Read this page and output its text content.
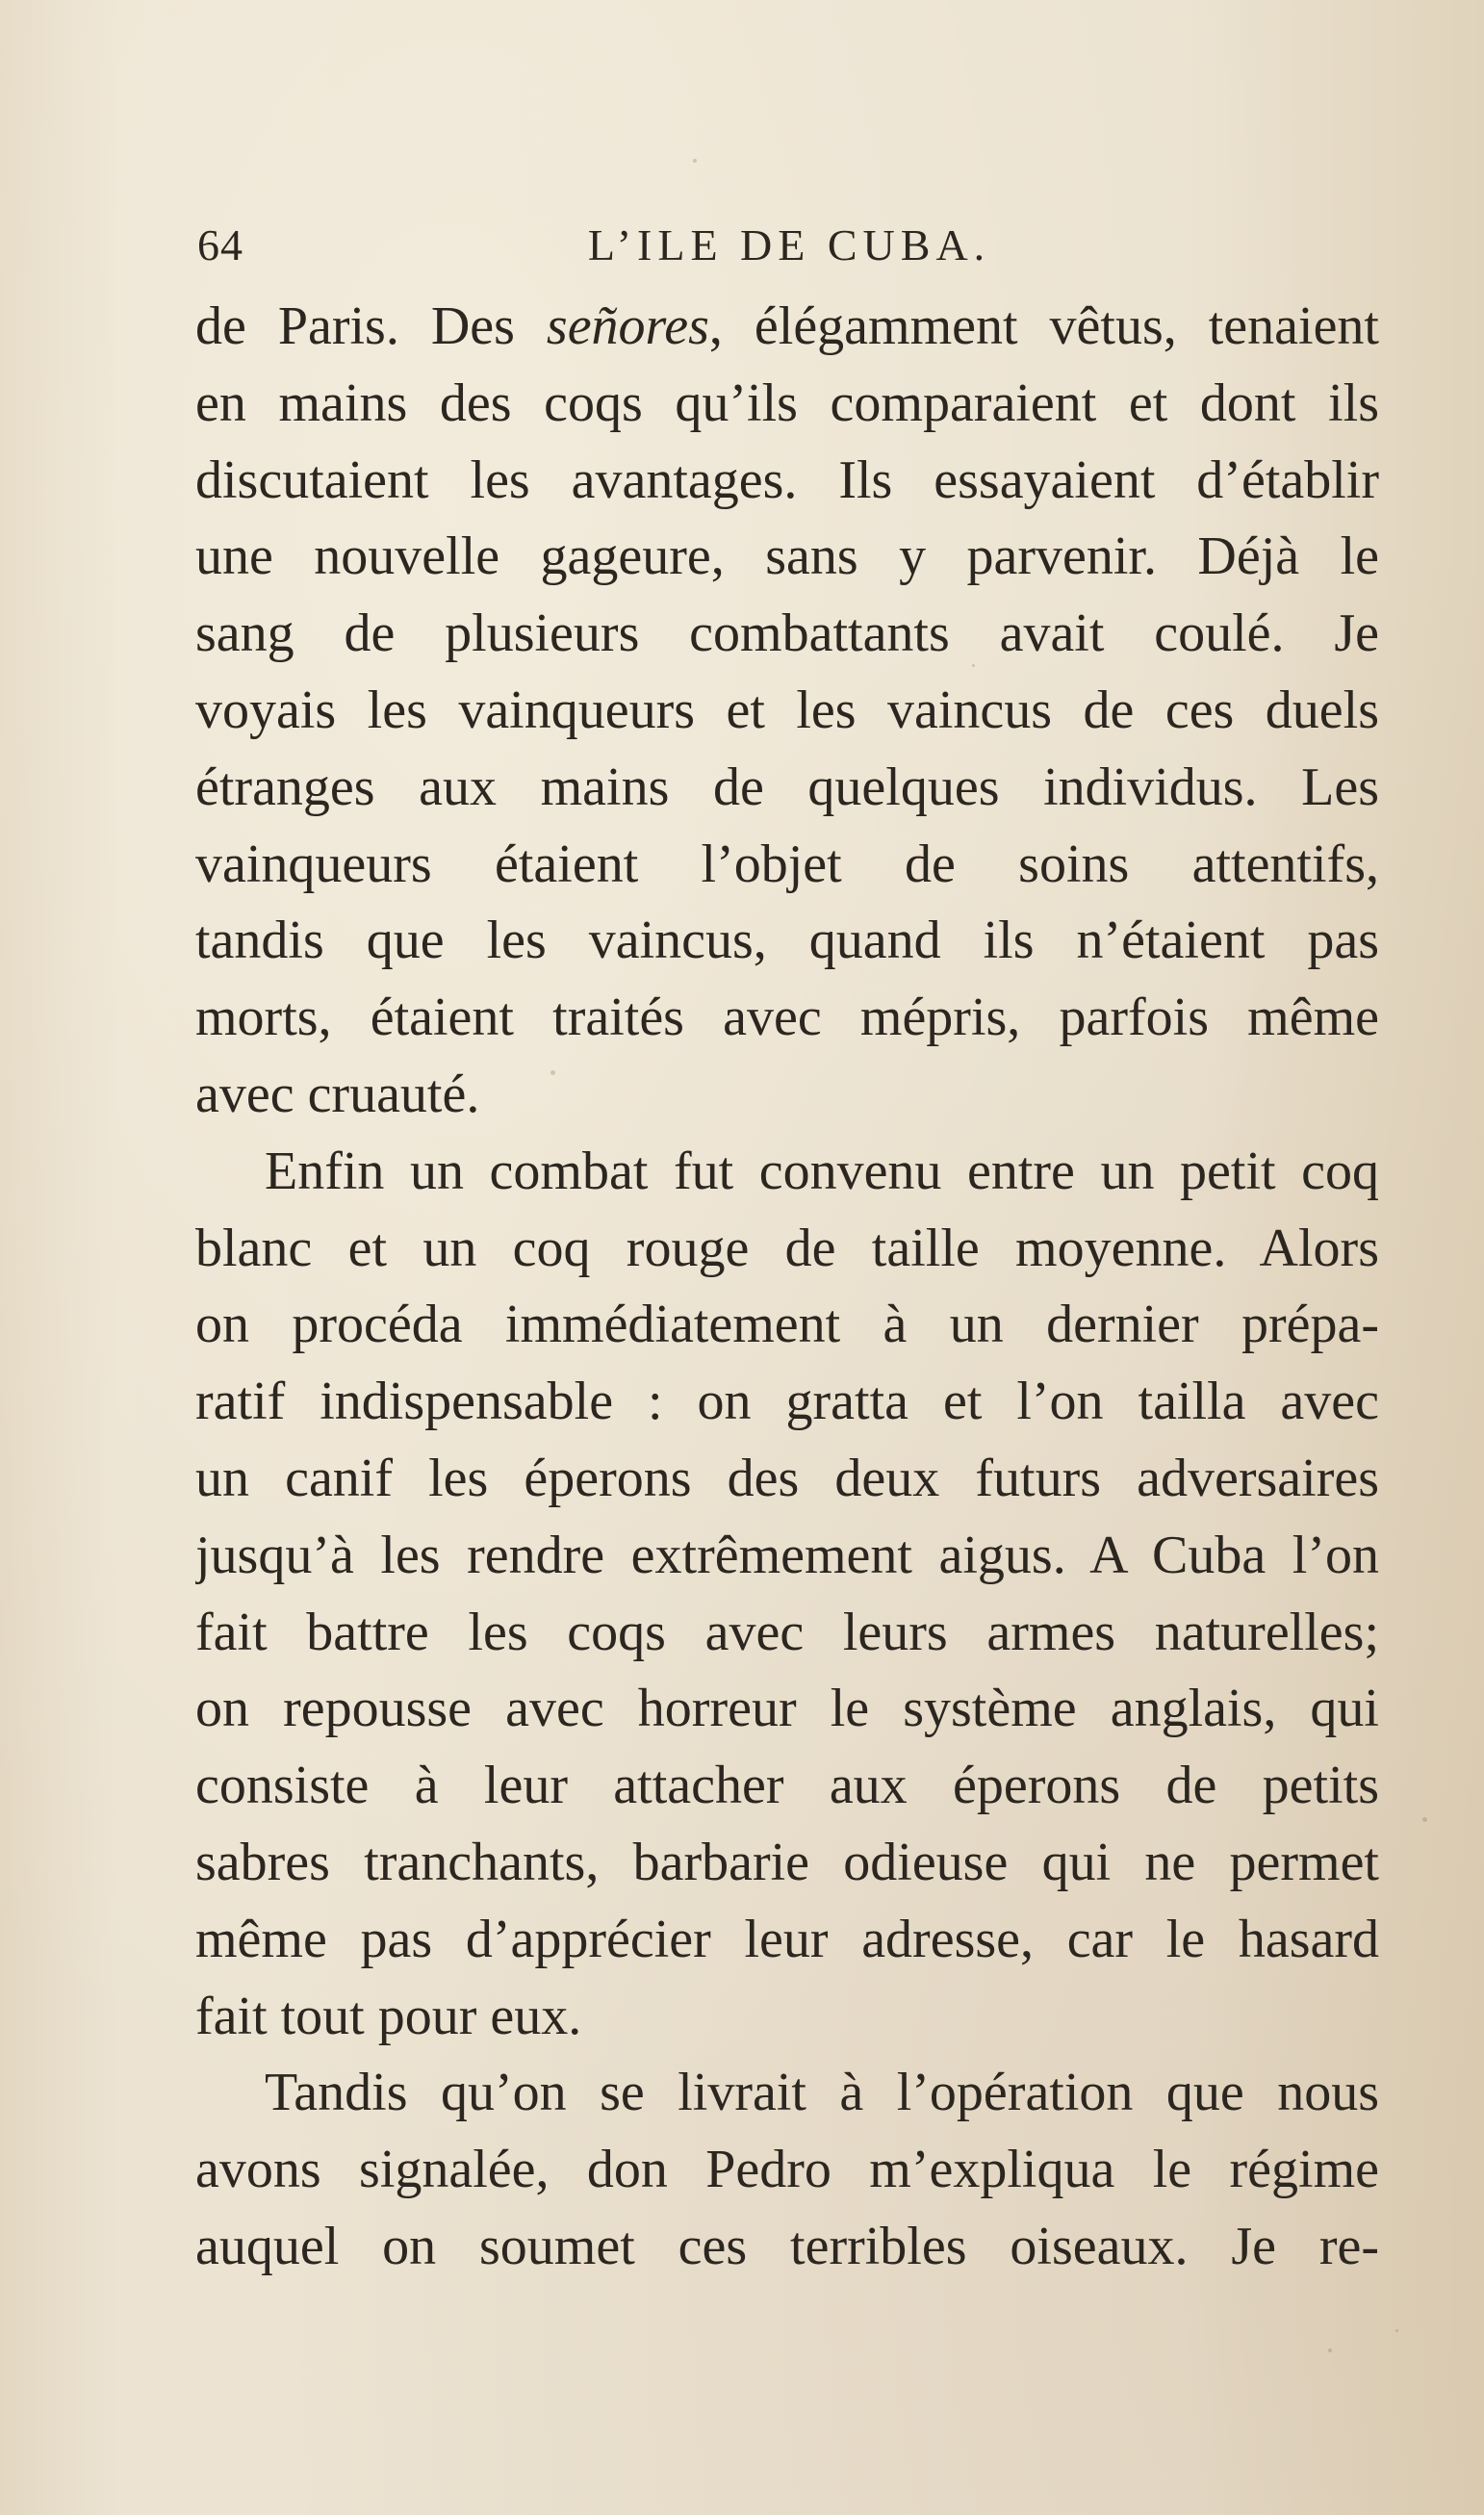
64	L’ILE DE CUBA.
de Paris. Des señores, élégamment vêtus, tenaient
en mains des coqs qu’ils comparaient et dont ils
discutaient les avantages. Ils essayaient d’établir
une nouvelle gageure, sans y parvenir. Déjà le
sang de plusieurs combattants avait coulé. Je
voyais les vainqueurs et les vaincus de ces duels
étranges aux mains de quelques individus. Les
vainqueurs étaient l’objet de soins attentifs,
tandis que les vaincus, quand ils n’étaient pas
morts, étaient traités avec mépris, parfois même
avec cruauté.
Enfin un combat fut convenu entre un petit coq
blanc et un coq rouge de taille moyenne. Alors
on procéda immédiatement à un dernier prépa-
ratif indispensable : on gratta et l’on tailla avec
un canif les éperons des deux futurs adversaires
jusqu’à les rendre extrêmement aigus. A Cuba l’on
fait battre les coqs avec leurs armes naturelles;
on repousse avec horreur le système anglais, qui
consiste à leur attacher aux éperons de petits
sabres tranchants, barbarie odieuse qui ne permet
même pas d’apprécier leur adresse, car le hasard
fait tout pour eux.
Tandis qu’on se livrait à l’opération que nous
avons signalée, don Pedro m’expliqua le régime
auquel on soumet ces terribles oiseaux. Je re-
